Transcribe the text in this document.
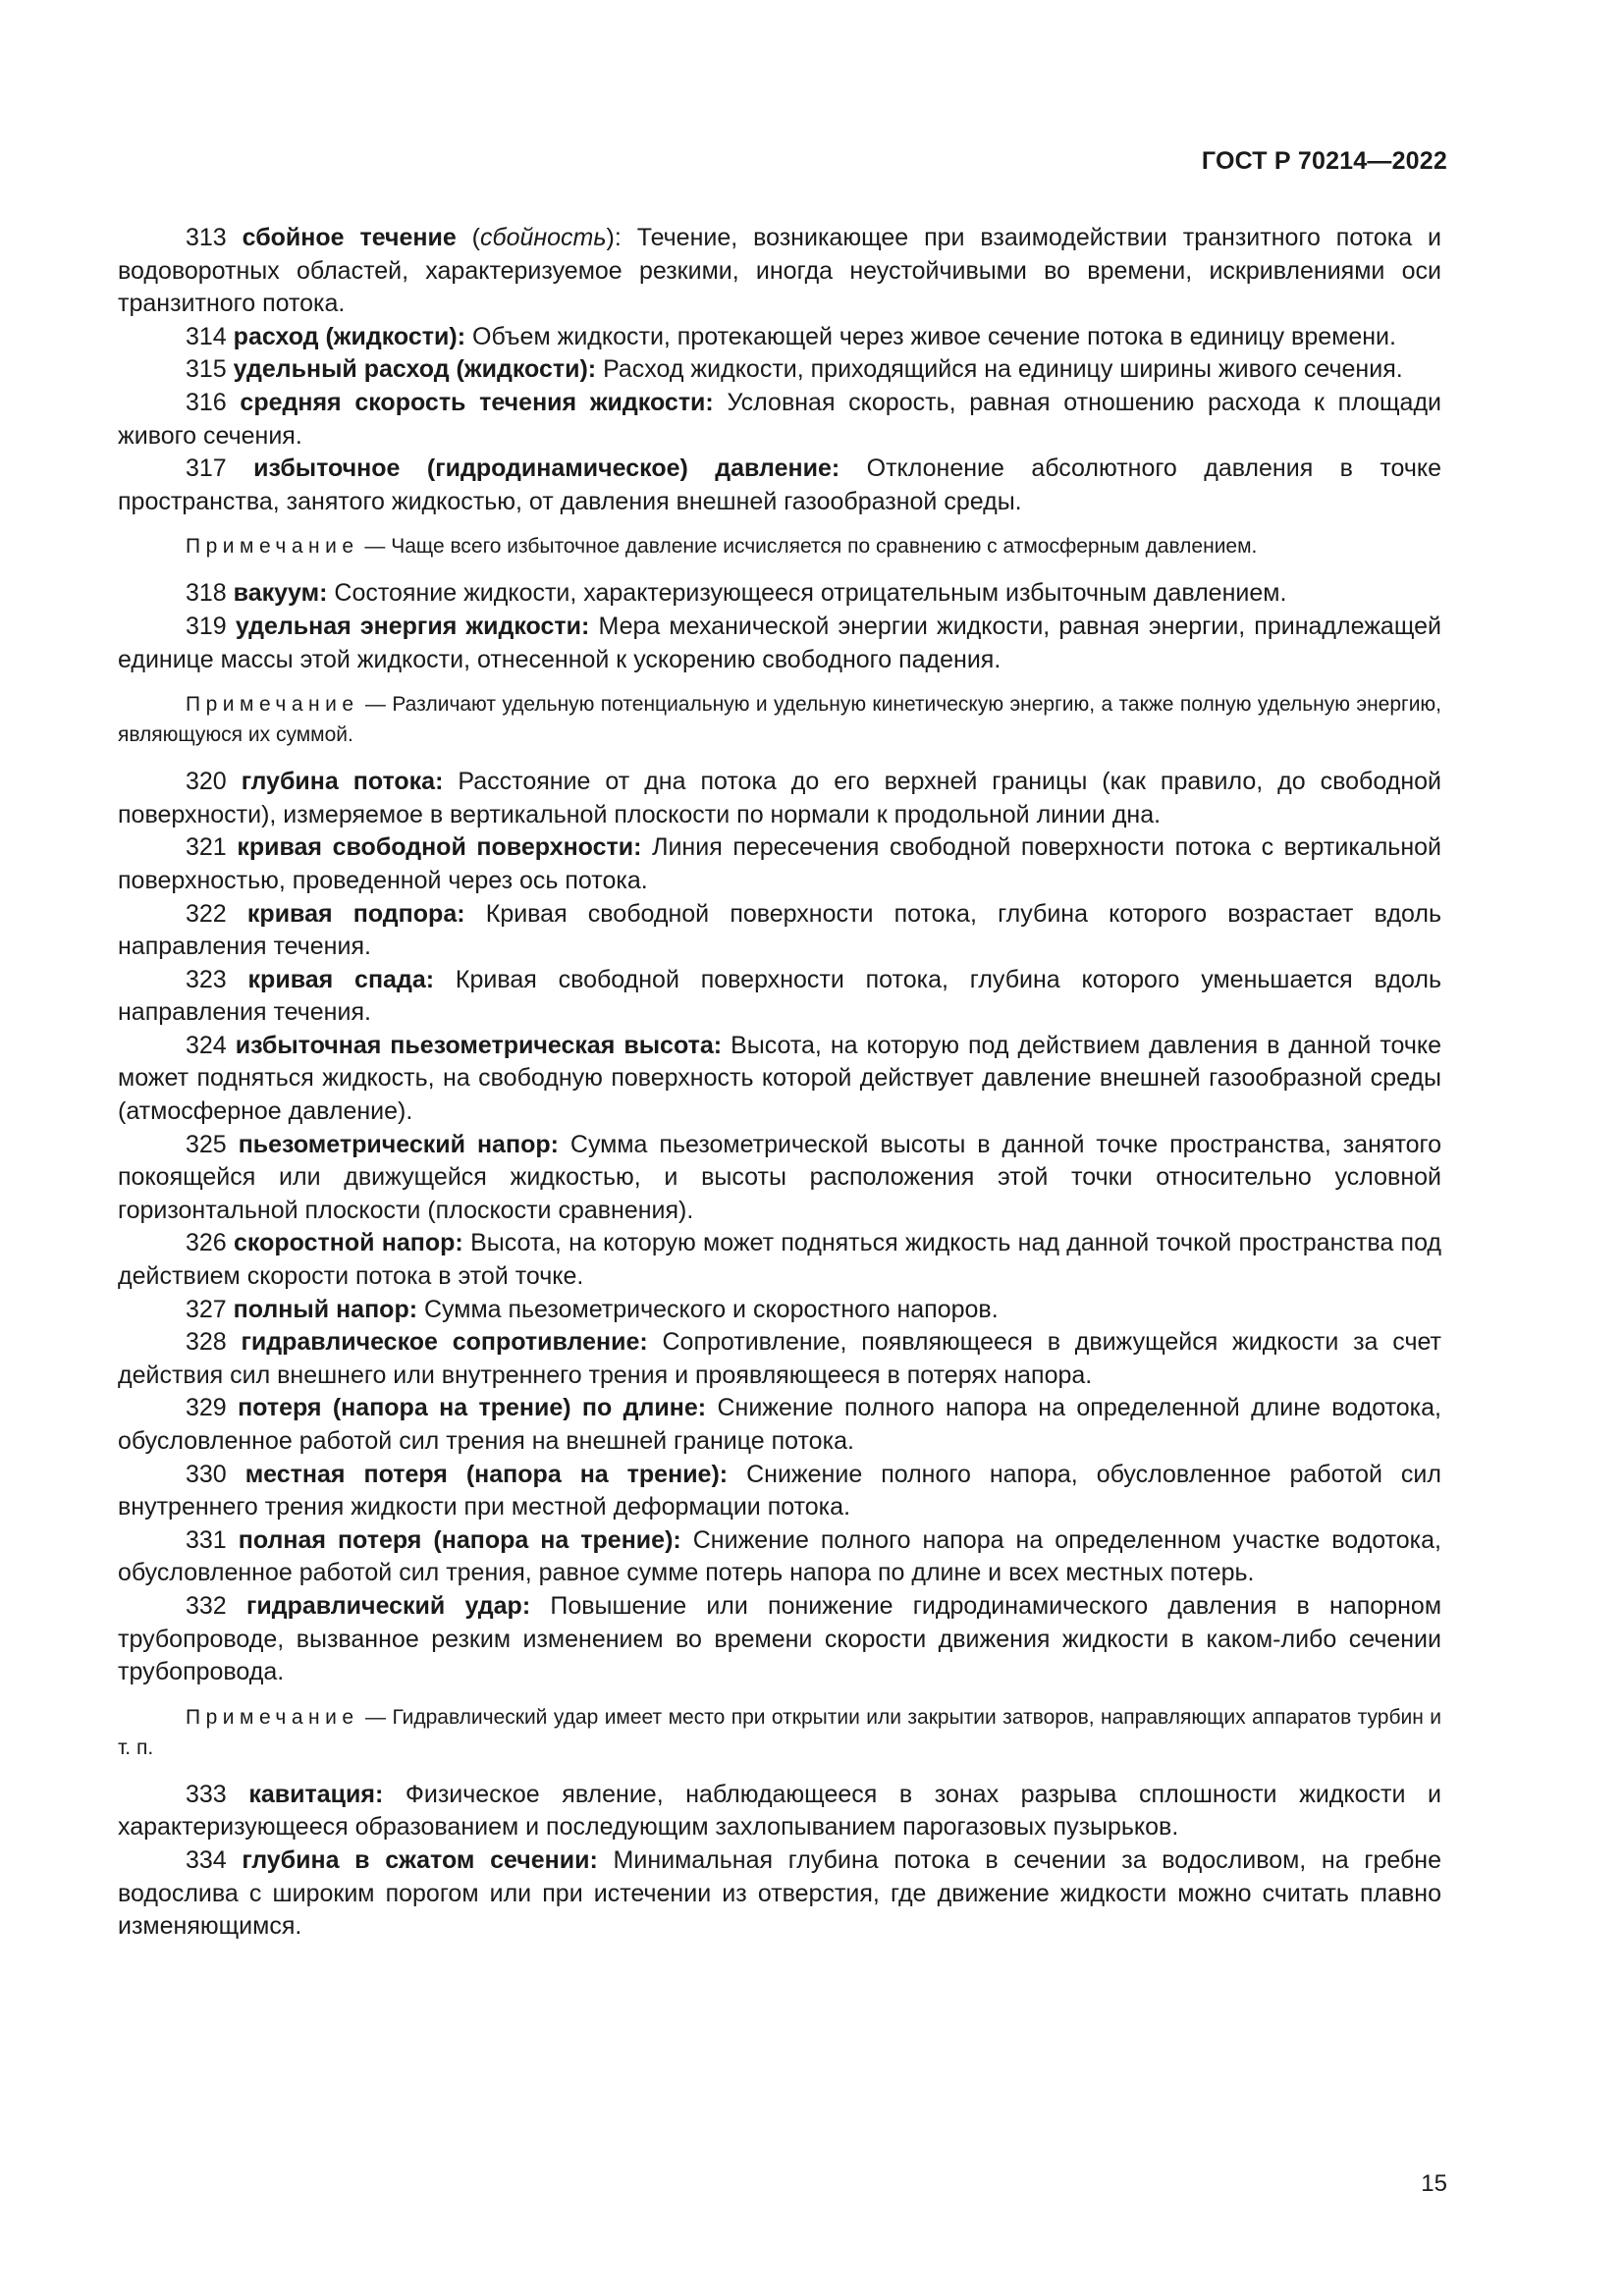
ГОСТ Р 70214—2022

313 сбойное течение (сбойность): Течение, возникающее при взаимодействии транзитного потока и водоворотных областей, характеризуемое резкими, иногда неустойчивыми во времени, искривлениями оси транзитного потока.

314 расход (жидкости): Объем жидкости, протекающей через живое сечение потока в единицу времени.

315 удельный расход (жидкости): Расход жидкости, приходящийся на единицу ширины живого сечения.

316 средняя скорость течения жидкости: Условная скорость, равная отношению расхода к площади живого сечения.

317 избыточное (гидродинамическое) давление: Отклонение абсолютного давления в точке пространства, занятого жидкостью, от давления внешней газообразной среды.

Примечание — Чаще всего избыточное давление исчисляется по сравнению с атмосферным давлением.

318 вакуум: Состояние жидкости, характеризующееся отрицательным избыточным давлением.

319 удельная энергия жидкости: Мера механической энергии жидкости, равная энергии, принадлежащей единице массы этой жидкости, отнесенной к ускорению свободного падения.

Примечание — Различают удельную потенциальную и удельную кинетическую энергию, а также полную удельную энергию, являющуюся их суммой.

320 глубина потока: Расстояние от дна потока до его верхней границы (как правило, до свободной поверхности), измеряемое в вертикальной плоскости по нормали к продольной линии дна.

321 кривая свободной поверхности: Линия пересечения свободной поверхности потока с вертикальной поверхностью, проведенной через ось потока.

322 кривая подпора: Кривая свободной поверхности потока, глубина которого возрастает вдоль направления течения.

323 кривая спада: Кривая свободной поверхности потока, глубина которого уменьшается вдоль направления течения.

324 избыточная пьезометрическая высота: Высота, на которую под действием давления в данной точке может подняться жидкость, на свободную поверхность которой действует давление внешней газообразной среды (атмосферное давление).

325 пьезометрический напор: Сумма пьезометрической высоты в данной точке пространства, занятого покоящейся или движущейся жидкостью, и высоты расположения этой точки относительно условной горизонтальной плоскости (плоскости сравнения).

326 скоростной напор: Высота, на которую может подняться жидкость над данной точкой пространства под действием скорости потока в этой точке.

327 полный напор: Сумма пьезометрического и скоростного напоров.

328 гидравлическое сопротивление: Сопротивление, появляющееся в движущейся жидкости за счет действия сил внешнего или внутреннего трения и проявляющееся в потерях напора.

329 потеря (напора на трение) по длине: Снижение полного напора на определенной длине водотока, обусловленное работой сил трения на внешней границе потока.

330 местная потеря (напора на трение): Снижение полного напора, обусловленное работой сил внутреннего трения жидкости при местной деформации потока.

331 полная потеря (напора на трение): Снижение полного напора на определенном участке водотока, обусловленное работой сил трения, равное сумме потерь напора по длине и всех местных потерь.

332 гидравлический удар: Повышение или понижение гидродинамического давления в напорном трубопроводе, вызванное резким изменением во времени скорости движения жидкости в каком-либо сечении трубопровода.

Примечание — Гидравлический удар имеет место при открытии или закрытии затворов, направляющих аппаратов турбин и т. п.

333 кавитация: Физическое явление, наблюдающееся в зонах разрыва сплошности жидкости и характеризующееся образованием и последующим захлопыванием парогазовых пузырьков.

334 глубина в сжатом сечении: Минимальная глубина потока в сечении за водосливом, на гребне водослива с широким порогом или при истечении из отверстия, где движение жидкости можно считать плавно изменяющимся.

15
